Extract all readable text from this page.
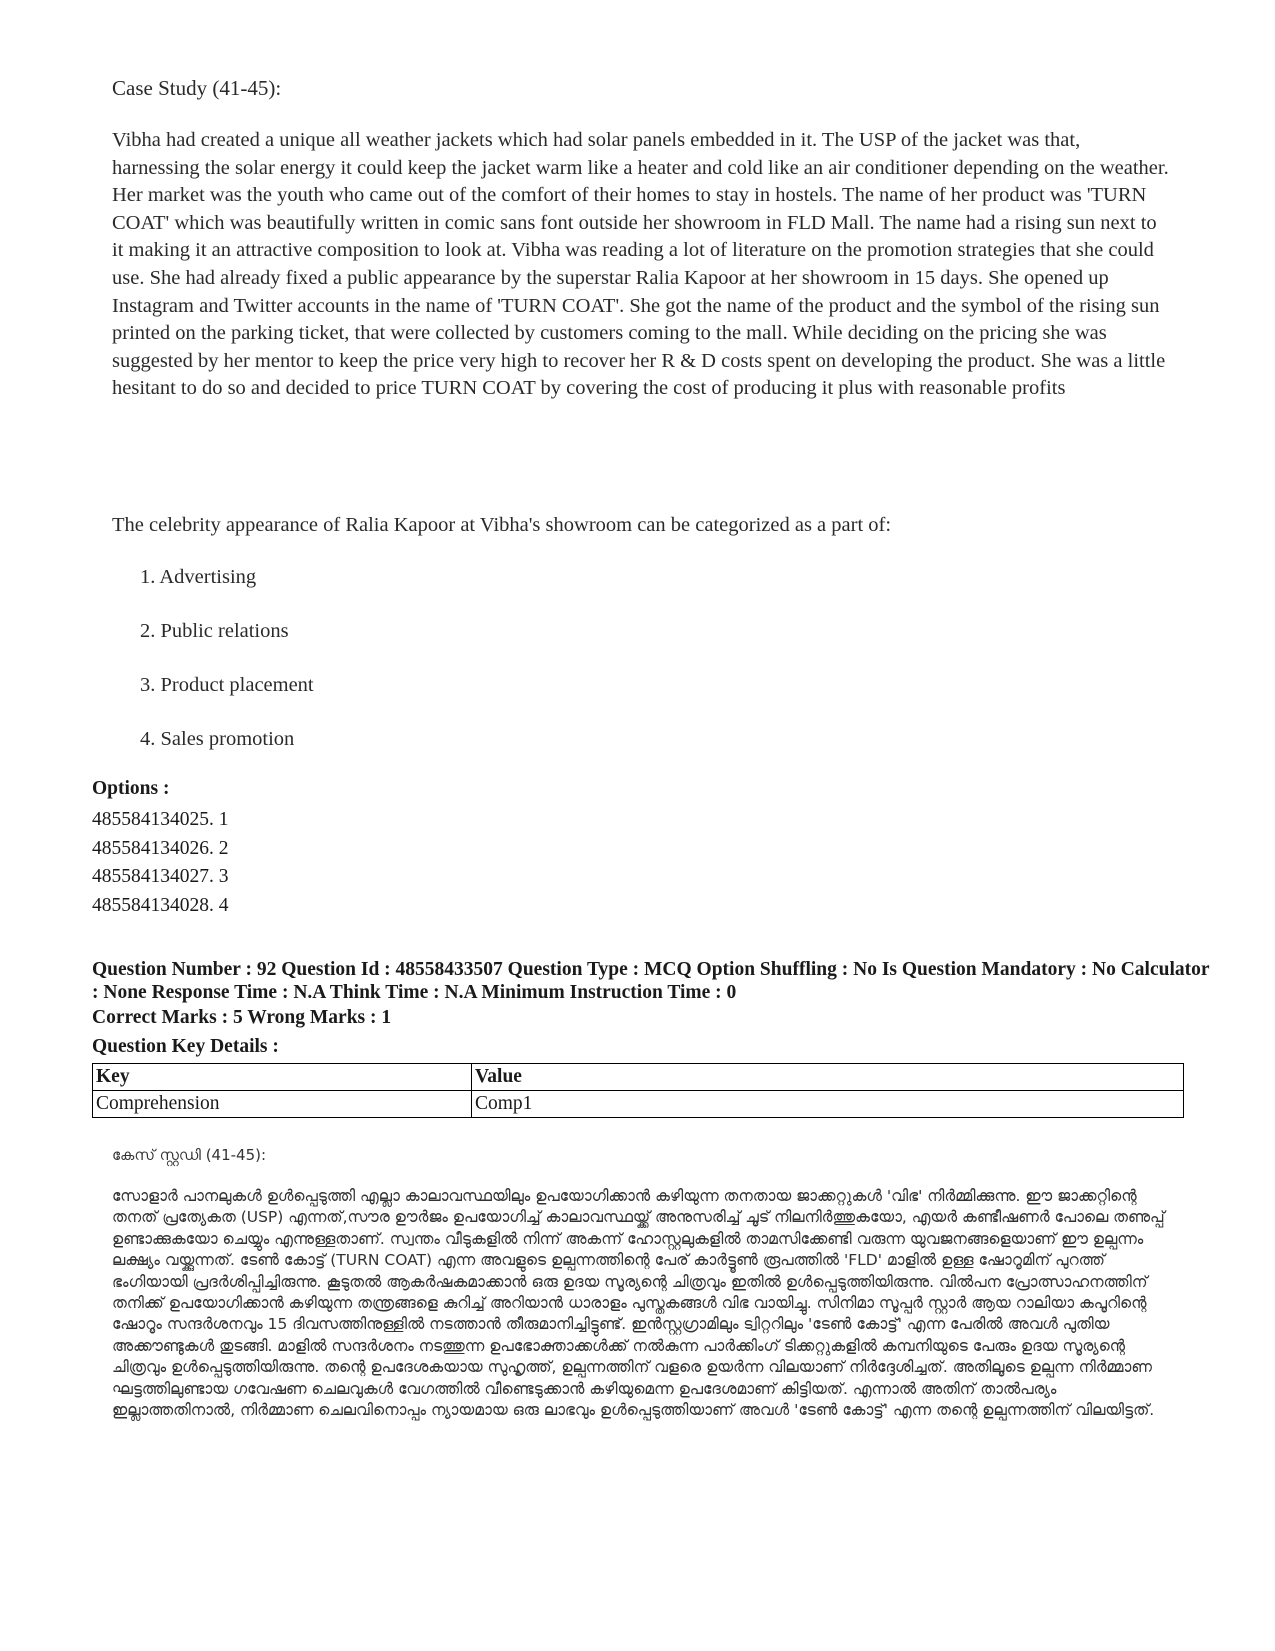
Case Study (41-45):

Vibha had created a unique all weather jackets which had solar panels embedded in it. The USP of the jacket was that, harnessing the solar energy it could keep the jacket warm like a heater and cold like an air conditioner depending on the weather. Her market was the youth who came out of the comfort of their homes to stay in hostels. The name of her product was 'TURN COAT' which was beautifully written in comic sans font outside her showroom in FLD Mall. The name had a rising sun next to it making it an attractive composition to look at. Vibha was reading a lot of literature on the promotion strategies that she could use. She had already fixed a public appearance by the superstar Ralia Kapoor at her showroom in 15 days. She opened up Instagram and Twitter accounts in the name of 'TURN COAT'. She got the name of the product and the symbol of the rising sun printed on the parking ticket, that were collected by customers coming to the mall. While deciding on the pricing she was suggested by her mentor to keep the price very high to recover her R & D costs spent on developing the product. She was a little hesitant to do so and decided to price TURN COAT by covering the cost of producing it plus with reasonable profits

The celebrity appearance of Ralia Kapoor at Vibha's showroom can be categorized as a part of:

1. Advertising
2. Public relations
3. Product placement
4. Sales promotion
Options :
485584134025. 1
485584134026. 2
485584134027. 3
485584134028. 4

Question Number : 92 Question Id : 48558433507 Question Type : MCQ Option Shuffling : No Is Question Mandatory : No Calculator : None Response Time : N.A Think Time : N.A Minimum Instruction Time : 0

Correct Marks : 5 Wrong Marks : 1

Question Key Details :

Key	Value
Comprehension	Comp1
കേസ് സ്റ്റഡി (41-45):

സോളാർ പാനലുകൾ ഉൾപ്പെടുത്തി എല്ലാ കാലാവസ്ഥയിലും ഉപയോഗിക്കാൻ കഴിയുന്ന തനതായ ജാക്കറ്റുകൾ 'വിഭ' നിർമ്മിക്കുന്നു. ഈ ജാക്കറ്റിന്റെ തനത് പ്രത്യേകത (USP) എന്നത്,സൗര ഊർജം ഉപയോഗിച്ച് കാലാവസ്ഥയ്ക്ക് അനുസരിച്ച് ചൂട് നിലനിർത്തുകയോ, എയർ കണ്ടീഷണർ പോലെ തണുപ്പ് ഉണ്ടാക്കുകയോ ചെയ്യും എന്നുള്ളതാണ്. സ്വന്തം വീടുകളിൽ നിന്ന് അകന്ന് ഹോസ്റ്റലുകളിൽ താമസിക്കേണ്ടി വരുന്ന യുവജനങ്ങളെയാണ് ഈ ഉല്പന്നം ലക്ഷ്യം വയ്ക്കുന്നത്. ടേൺ കോട്ട് (TURN COAT) എന്ന അവളുടെ ഉല്പന്നത്തിന്റെ പേര് കാർട്ടൂൺ രൂപത്തിൽ 'FLD' മാളിൽ ഉള്ള ഷോറൂമിന് പുറത്ത് ഭംഗിയായി പ്രദർശിപ്പിച്ചിരുന്നു. കൂടുതൽ ആകർഷകമാക്കാൻ ഒരു ഉദയ സൂര്യന്റെ ചിത്രവും ഇതിൽ ഉൾപ്പെടുത്തിയിരുന്നു. വിൽപന പ്രോത്സാഹനത്തിന് തനിക്ക് ഉപയോഗിക്കാൻ കഴിയുന്ന തന്ത്രങ്ങളെ കുറിച്ച് അറിയാൻ ധാരാളം പുസ്തകങ്ങൾ വിഭ വായിച്ചു. സിനിമാ സൂപ്പർ സ്റ്റാർ ആയ റാലിയാ കപൂറിന്റെ ഷോറൂം സന്ദർശനവും 15 ദിവസത്തിനുള്ളിൽ നടത്താൻ തീരുമാനിച്ചിട്ടുണ്ട്. ഇൻസ്റ്റഗ്രാമിലും ട്വിറ്ററിലും 'ടേൺ കോട്ട്' എന്ന പേരിൽ അവൾ പുതിയ അക്കൗണ്ടുകൾ തുടങ്ങി. മാളിൽ സന്ദർശനം നടത്തുന്ന ഉപഭോക്താക്കൾക്ക് നൽകുന്ന പാർക്കിംഗ് ടിക്കറ്റുകളിൽ കമ്പനിയുടെ പേരും ഉദയ സൂര്യന്റെ ചിത്രവും ഉൾപ്പെടുത്തിയിരുന്നു. തന്റെ ഉപദേശകയായ സുഹൃത്ത്, ഉല്പന്നത്തിന് വളരെ ഉയർന്ന വിലയാണ് നിർദ്ദേശിച്ചത്. അതിലൂടെ ഉല്പന്ന നിർമ്മാണ ഘട്ടത്തിലുണ്ടായ ഗവേഷണ ചെലവുകൾ വേഗത്തിൽ വീണ്ടെടുക്കാൻ കഴിയുമെന്ന ഉപദേശമാണ് കിട്ടിയത്. എന്നാൽ അതിന് താൽപര്യം ഇല്ലാത്തതിനാൽ, നിർമ്മാണ ചെലവിനൊപ്പം ന്യായമായ ഒരു ലാഭവും ഉൾപ്പെടുത്തിയാണ് അവൾ 'ടേൺ കോട്ട്' എന്ന തന്റെ ഉല്പന്നത്തിന് വിലയിട്ടത്.
